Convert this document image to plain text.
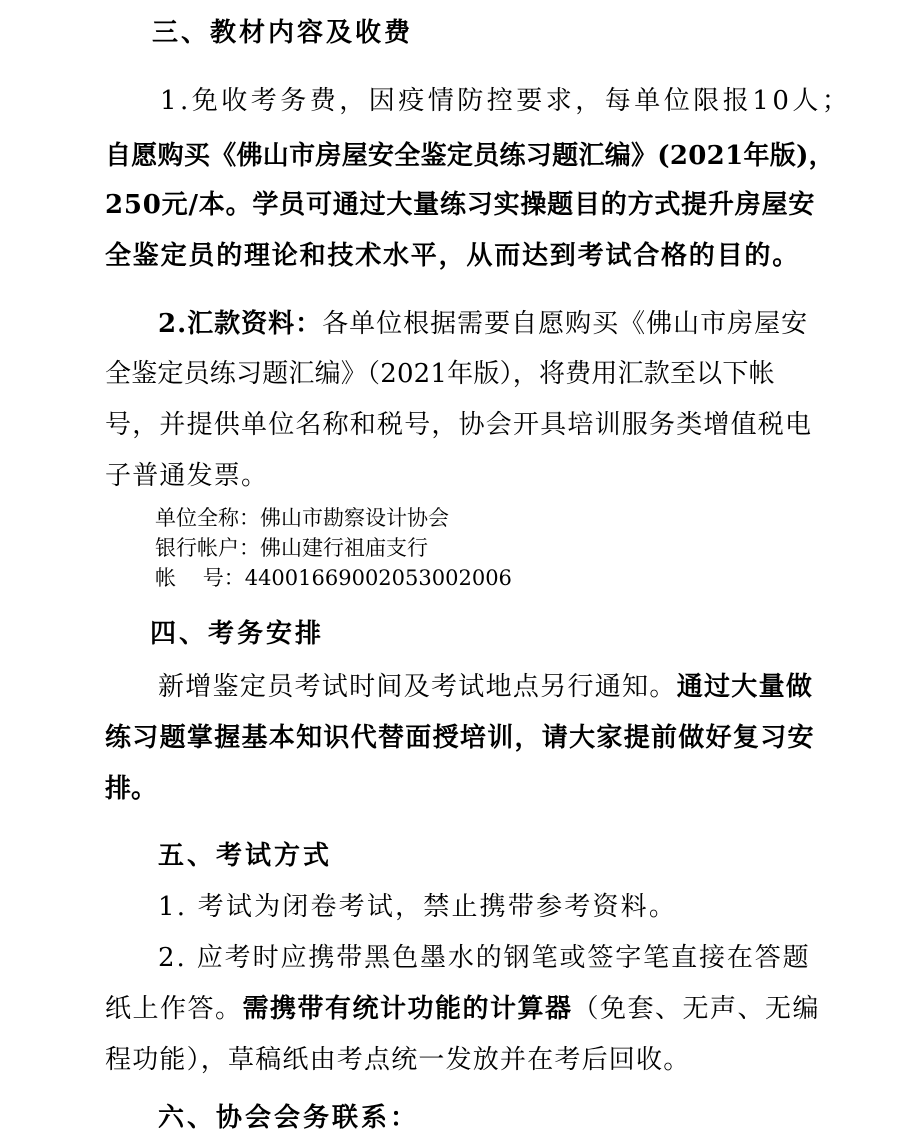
三、教材内容及收费
1.免收考务费，因疫情防控要求，每单位限报10人；
自愿购买《佛山市房屋安全鉴定员练习题汇编》(2021年版)，
250元/本。学员可通过大量练习实操题目的方式提升房屋安
全鉴定员的理论和技术水平，从而达到考试合格的目的。
2.汇款资料：各单位根据需要自愿购买《佛山市房屋安
全鉴定员练习题汇编》（2021年版），将费用汇款至以下帐
号，并提供单位名称和税号，协会开具培训服务类增值税电
子普通发票。
单位全称：佛山市勘察设计协会
银行帐户：佛山建行祖庙支行
帐    号：44001669002053002006
四、考务安排
新增鉴定员考试时间及考试地点另行通知。通过大量做
练习题掌握基本知识代替面授培训，请大家提前做好复习安
排。
五、考试方式
1. 考试为闭卷考试，禁止携带参考资料。
2. 应考时应携带黑色墨水的钢笔或签字笔直接在答题
纸上作答。需携带有统计功能的计算器（免套、无声、无编
程功能），草稿纸由考点统一发放并在考后回收。
六、协会会务联系：
